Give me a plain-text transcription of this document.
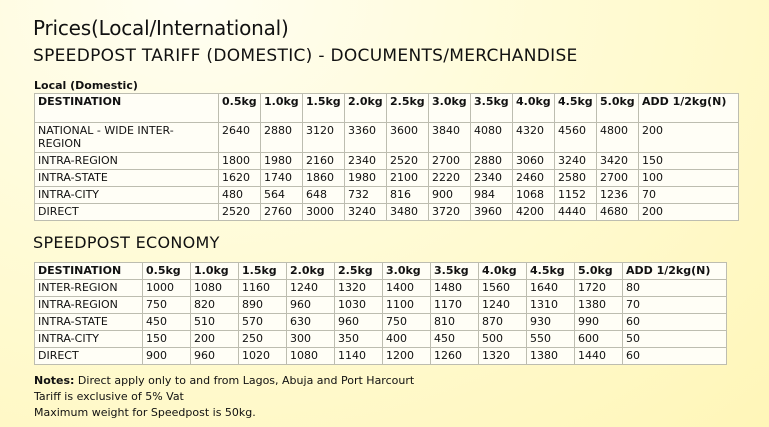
Prices(Local/International)
SPEEDPOST TARIFF (DOMESTIC) - DOCUMENTS/MERCHANDISE
Local (Domestic)
DESTINATION	0.5kg	1.0kg	1.5kg	2.0kg	2.5kg	3.0kg	3.5kg	4.0kg	4.5kg	5.0kg	ADD 1/2kg(N)
NATIONAL - WIDE INTER-REGION	2640	2880	3120	3360	3600	3840	4080	4320	4560	4800	200
INTRA-REGION	1800	1980	2160	2340	2520	2700	2880	3060	3240	3420	150
INTRA-STATE	1620	1740	1860	1980	2100	2220	2340	2460	2580	2700	100
INTRA-CITY	480	564	648	732	816	900	984	1068	1152	1236	70
DIRECT	2520	2760	3000	3240	3480	3720	3960	4200	4440	4680	200
SPEEDPOST ECONOMY
DESTINATION	0.5kg	1.0kg	1.5kg	2.0kg	2.5kg	3.0kg	3.5kg	4.0kg	4.5kg	5.0kg	ADD 1/2kg(N)
INTER-REGION	1000	1080	1160	1240	1320	1400	1480	1560	1640	1720	80
INTRA-REGION	750	820	890	960	1030	1100	1170	1240	1310	1380	70
INTRA-STATE	450	510	570	630	960	750	810	870	930	990	60
INTRA-CITY	150	200	250	300	350	400	450	500	550	600	50
DIRECT	900	960	1020	1080	1140	1200	1260	1320	1380	1440	60
Notes: Direct apply only to and from Lagos, Abuja and Port Harcourt
Tariff is exclusive of 5% Vat
Maximum weight for Speedpost is 50kg.
